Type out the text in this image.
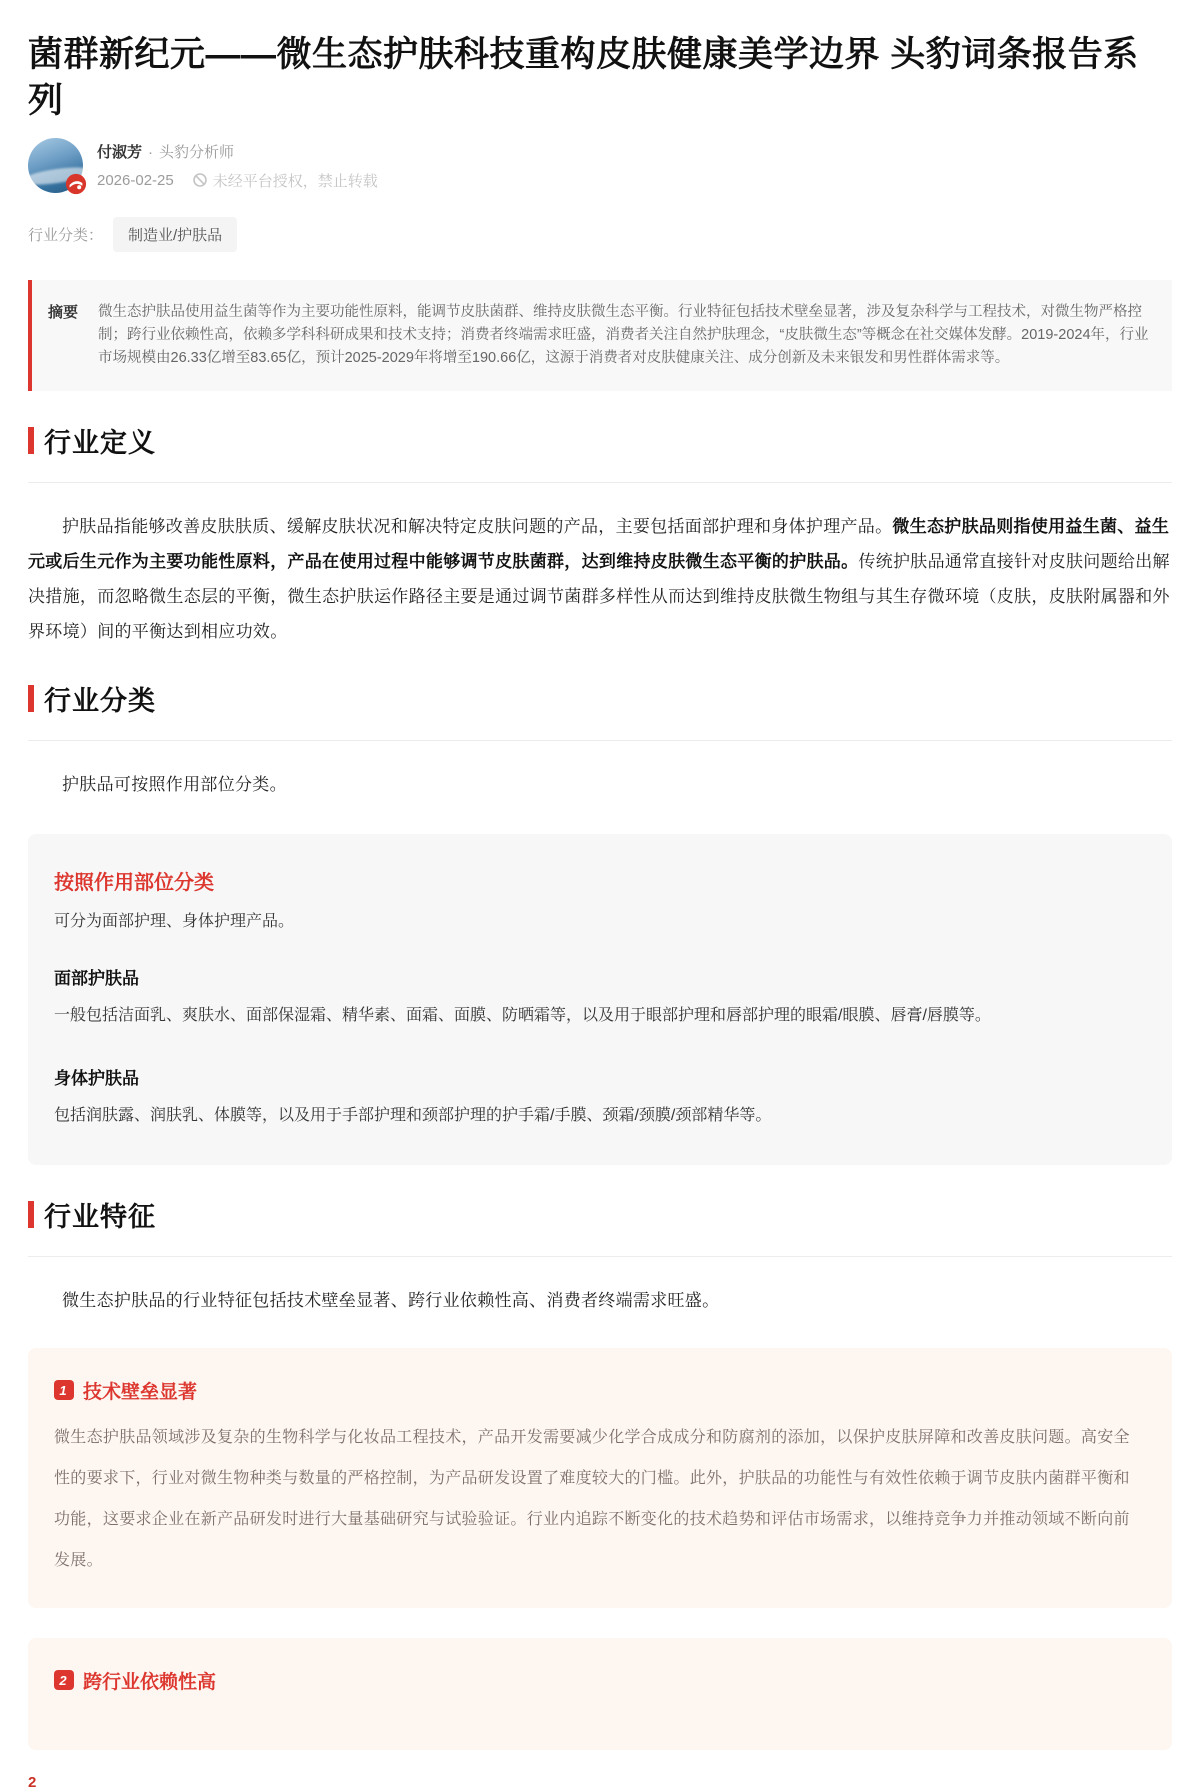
菌群新纪元——微生态护肤科技重构皮肤健康美学边界 头豹词条报告系列
付淑芳 · 头豹分析师
2026-02-25	未经平台授权，禁止转载
行业分类：	制造业/护肤品
摘要 微生态护肤品使用益生菌等作为主要功能性原料，能调节皮肤菌群、维持皮肤微生态平衡。行业特征包括技术壁垒显著，涉及复杂科学与工程技术，对微生物严格控制；跨行业依赖性高，依赖多学科科研成果和技术支持；消费者终端需求旺盛，消费者关注自然护肤理念，“皮肤微生态”等概念在社交媒体发酵。2019-2024年，行业市场规模由26.33亿增至83.65亿，预计2025-2029年将增至190.66亿，这源于消费者对皮肤健康关注、成分创新及未来银发和男性群体需求等。
行业定义

护肤品指能够改善皮肤肤质、缓解皮肤状况和解决特定皮肤问题的产品，主要包括面部护理和身体护理产品。微生态护肤品则指使用益生菌、益生元或后生元作为主要功能性原料，产品在使用过程中能够调节皮肤菌群，达到维持皮肤微生态平衡的护肤品。传统护肤品通常直接针对皮肤问题给出解决措施，而忽略微生态层的平衡，微生态护肤运作路径主要是通过调节菌群多样性从而达到维持皮肤微生物组与其生存微环境（皮肤，皮肤附属器和外界环境）间的平衡达到相应功效。

行业分类

护肤品可按照作用部位分类。

按照作用部位分类
可分为面部护理、身体护理产品。
面部护肤品
一般包括洁面乳、爽肤水、面部保湿霜、精华素、面霜、面膜、防晒霜等，以及用于眼部护理和唇部护理的眼霜/眼膜、唇膏/唇膜等。
身体护肤品
包括润肤露、润肤乳、体膜等，以及用于手部护理和颈部护理的护手霜/手膜、颈霜/颈膜/颈部精华等。
行业特征

微生态护肤品的行业特征包括技术壁垒显著、跨行业依赖性高、消费者终端需求旺盛。

1 技术壁垒显著
微生态护肤品领域涉及复杂的生物科学与化妆品工程技术，产品开发需要减少化学合成成分和防腐剂的添加，以保护皮肤屏障和改善皮肤问题。高安全性的要求下，行业对微生物种类与数量的严格控制，为产品研发设置了难度较大的门槛。此外，护肤品的功能性与有效性依赖于调节皮肤内菌群平衡和功能，这要求企业在新产品研发时进行大量基础研究与试验验证。行业内追踪不断变化的技术趋势和评估市场需求，以维持竞争力并推动领域不断向前发展。
2 跨行业依赖性高
2
